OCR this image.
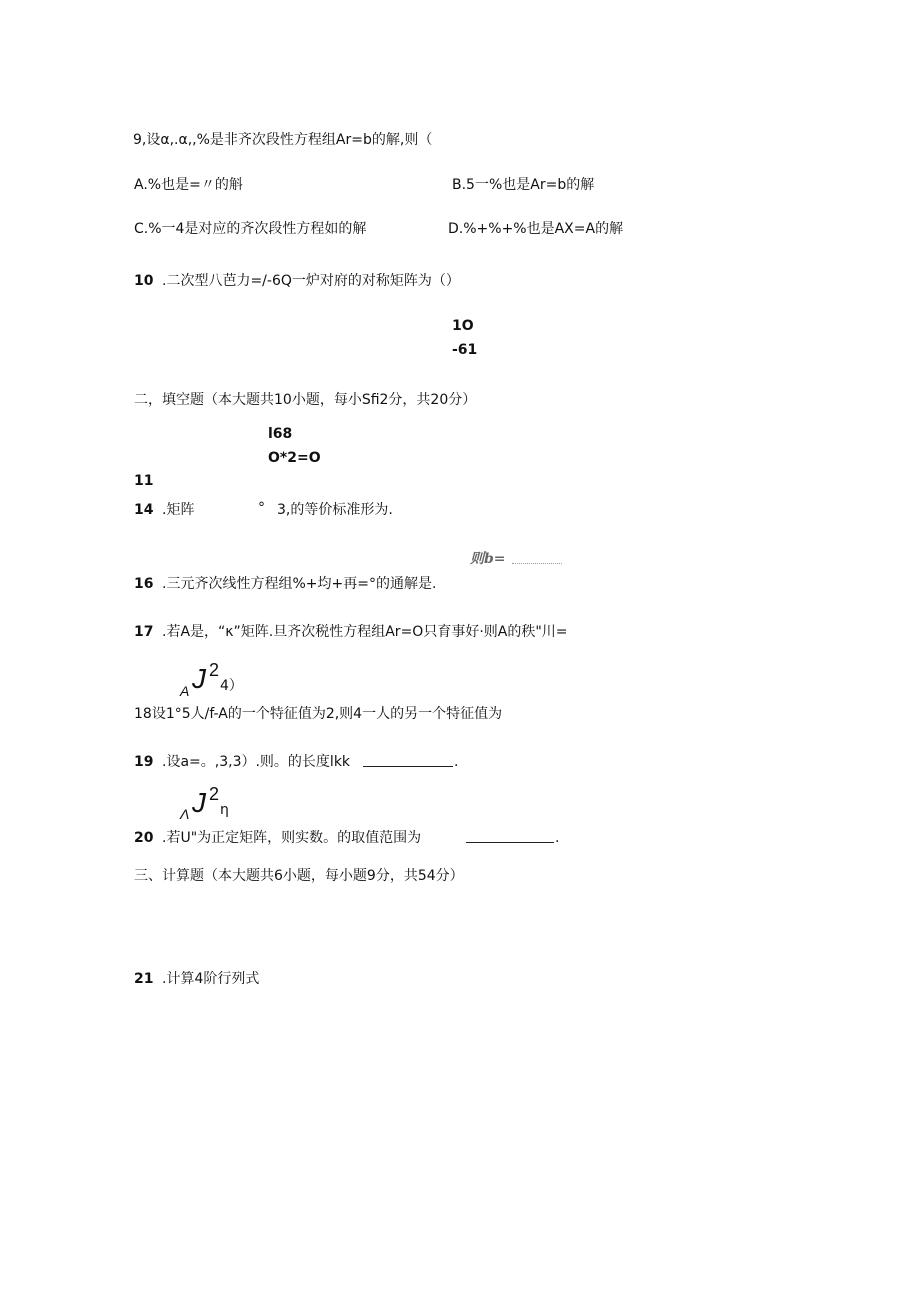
9,设α,.α,,%是非齐次段性方程组Ar=b的解,则（
A.%也是=〃的斛	B.5一%也是Ar=b的解
C.%一4是对应的齐次段性方程如的解	D.%+%+%也是AX=A的解
10 .二次型八芭力=/-6Q一炉对府的对称矩阵为（）
1O
-61
二，填空题（本大题共10小题，每小Sfi2分，共20分）
l68
O*2=O
11
14 .矩阵	° 3,的等价标准形为.
则b=
16 .三元齐次线性方程组%+均+再=°的通解是.
17 .若A是，“κ”矩阵.旦齐次税性方程组Ar=O只育事好·则A的秩"川=
A J 2
4）
18设1°5人/f-A的一个特征值为2,则4一人的另一个特征值为
19 .设a=。,3,3）.则。的长度lkk	.
Λ J 2
η
20 .若U"为正定矩阵，则实数。的取值范围为	.
三、计算题（本大题共6小题，每小题9分，共54分）
21 .计算4阶行列式
